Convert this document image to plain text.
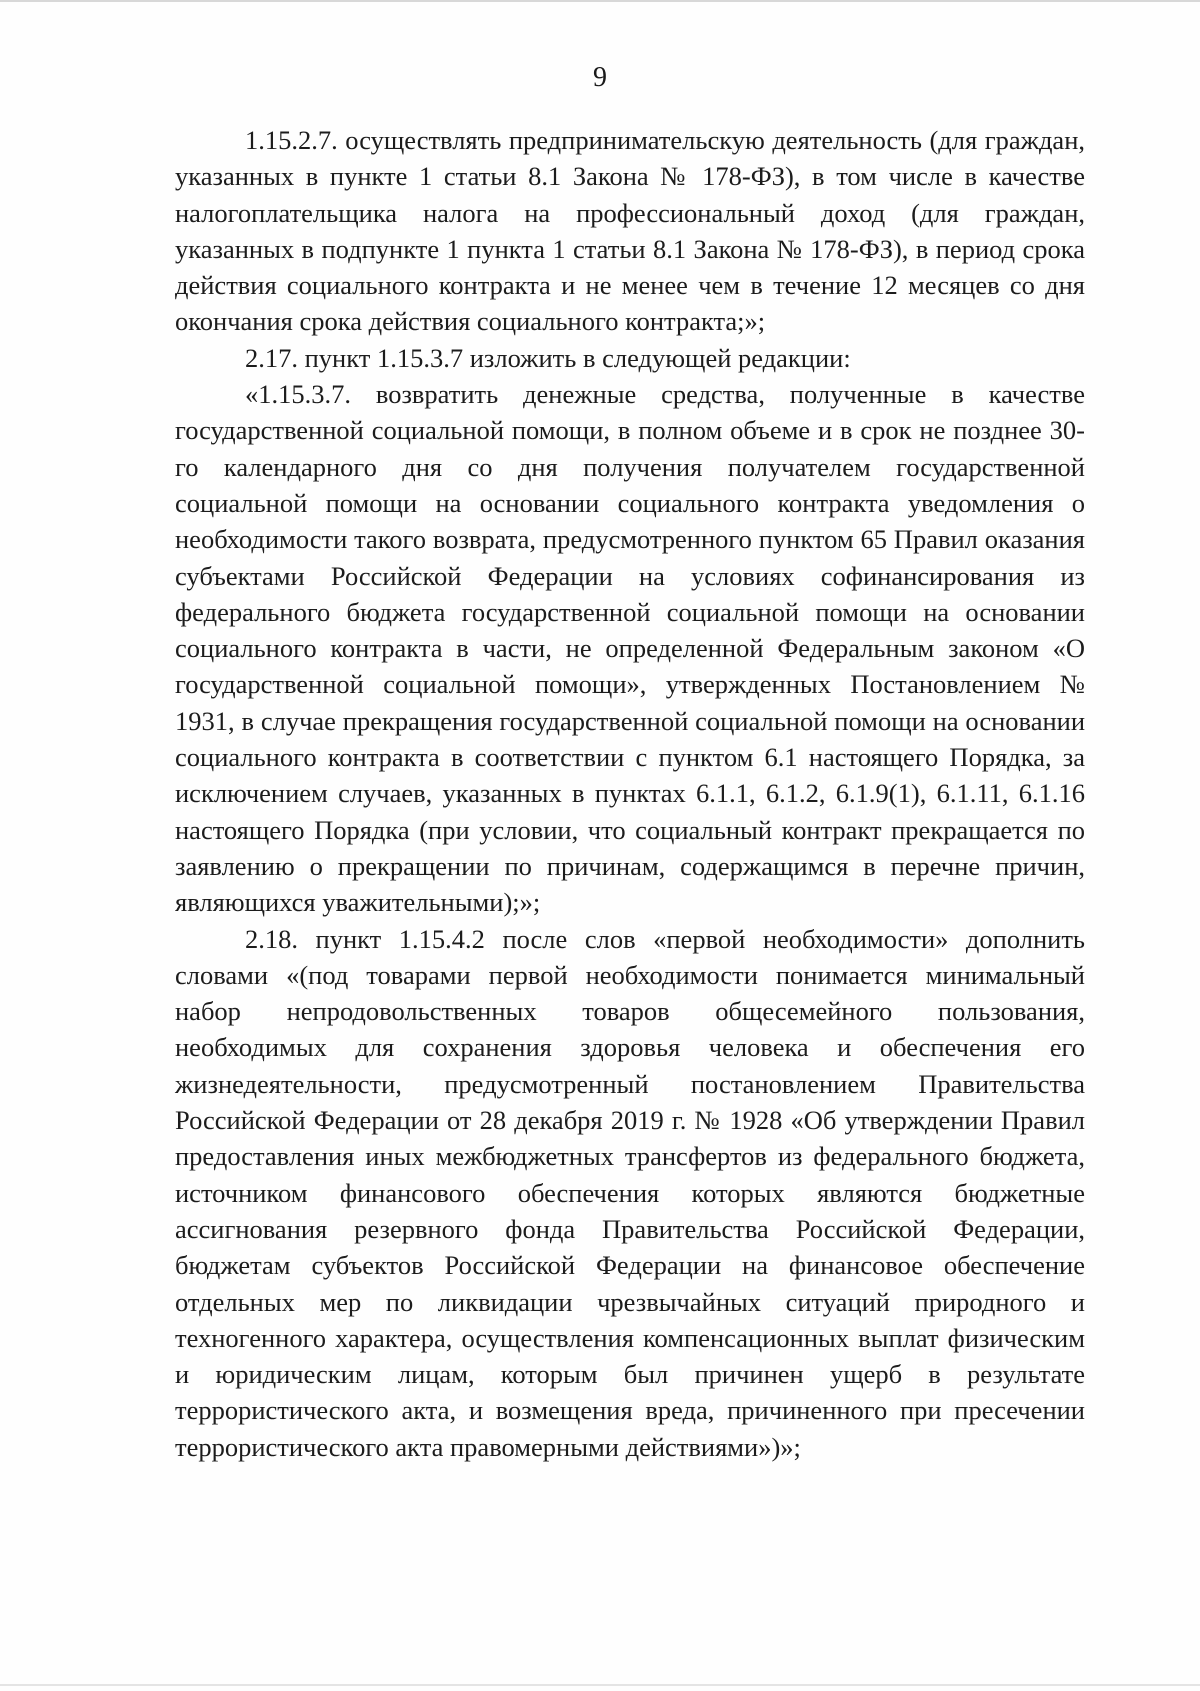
9

1.15.2.7. осуществлять предпринимательскую деятельность (для граждан, указанных в пункте 1 статьи 8.1 Закона № 178-ФЗ), в том числе в качестве налогоплательщика налога на профессиональный доход (для граждан, указанных в подпункте 1 пункта 1 статьи 8.1 Закона № 178-ФЗ), в период срока действия социального контракта и не менее чем в течение 12 месяцев со дня окончания срока действия социального контракта;»;

2.17. пункт 1.15.3.7 изложить в следующей редакции:

«1.15.3.7. возвратить денежные средства, полученные в качестве государственной социальной помощи, в полном объеме и в срок не позднее 30-го календарного дня со дня получения получателем государственной социальной помощи на основании социального контракта уведомления о необходимости такого возврата, предусмотренного пунктом 65 Правил оказания субъектами Российской Федерации на условиях софинансирования из федерального бюджета государственной социальной помощи на основании социального контракта в части, не определенной Федеральным законом «О государственной социальной помощи», утвержденных Постановлением № 1931, в случае прекращения государственной социальной помощи на основании социального контракта в соответствии с пунктом 6.1 настоящего Порядка, за исключением случаев, указанных в пунктах 6.1.1, 6.1.2, 6.1.9(1), 6.1.11, 6.1.16 настоящего Порядка (при условии, что социальный контракт прекращается по заявлению о прекращении по причинам, содержащимся в перечне причин, являющихся уважительными);»;

2.18. пункт 1.15.4.2 после слов «первой необходимости» дополнить словами «(под товарами первой необходимости понимается минимальный набор непродовольственных товаров общесемейного пользования, необходимых для сохранения здоровья человека и обеспечения его жизнедеятельности, предусмотренный постановлением Правительства Российской Федерации от 28 декабря 2019 г. № 1928 «Об утверждении Правил предоставления иных межбюджетных трансфертов из федерального бюджета, источником финансового обеспечения которых являются бюджетные ассигнования резервного фонда Правительства Российской Федерации, бюджетам субъектов Российской Федерации на финансовое обеспечение отдельных мер по ликвидации чрезвычайных ситуаций природного и техногенного характера, осуществления компенсационных выплат физическим и юридическим лицам, которым был причинен ущерб в результате террористического акта, и возмещения вреда, причиненного при пресечении террористического акта правомерными действиями»)»;
